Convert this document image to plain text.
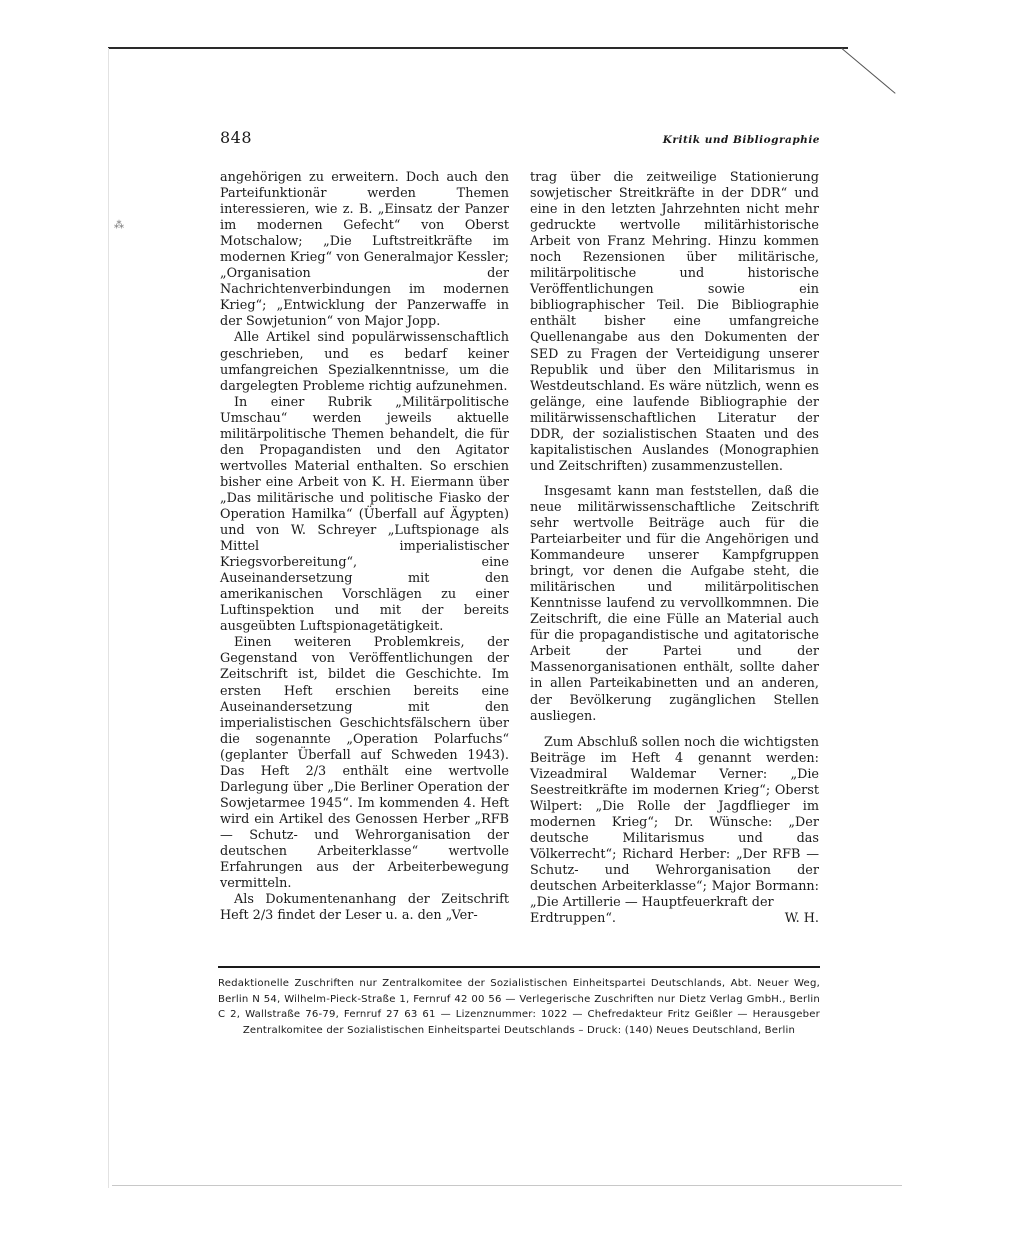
⁂
848	Kritik und Bibliographie

angehörigen zu erweitern. Doch auch den Parteifunktionär werden Themen interessieren, wie z. B. „Einsatz der Panzer im modernen Gefecht“ von Oberst Motschalow; „Die Luftstreitkräfte im modernen Krieg“ von Generalmajor Kessler; „Organisation der Nachrichtenverbindungen im modernen Krieg“; „Entwicklung der Panzerwaffe in der Sowjetunion“ von Major Jopp.

Alle Artikel sind populärwissenschaftlich geschrieben, und es bedarf keiner umfangreichen Spezialkenntnisse, um die dargelegten Probleme richtig aufzunehmen.

In einer Rubrik „Militärpolitische Umschau“ werden jeweils aktuelle militärpolitische Themen behandelt, die für den Propagandisten und den Agitator wertvolles Material enthalten. So erschien bisher eine Arbeit von K. H. Eiermann über „Das militärische und politische Fiasko der Operation Hamilka“ (Überfall auf Ägypten) und von W. Schreyer „Luftspionage als Mittel imperialistischer Kriegsvorbereitung“, eine Auseinandersetzung mit den amerikanischen Vorschlägen zu einer Luftinspektion und mit der bereits ausgeübten Luftspionagetätigkeit.

Einen weiteren Problemkreis, der Gegenstand von Veröffentlichungen der Zeitschrift ist, bildet die Geschichte. Im ersten Heft erschien bereits eine Auseinandersetzung mit den imperialistischen Geschichtsfälschern über die sogenannte „Operation Polarfuchs“ (geplanter Überfall auf Schweden 1943). Das Heft 2/3 enthält eine wertvolle Darlegung über „Die Berliner Operation der Sowjetarmee 1945“. Im kommenden 4. Heft wird ein Artikel des Genossen Herber „RFB — Schutz- und Wehrorganisation der deutschen Arbeiterklasse“ wertvolle Erfahrungen aus der Arbeiterbewegung vermitteln.

Als Dokumentenanhang der Zeitschrift Heft 2/3 findet der Leser u. a. den „Ver-

trag über die zeitweilige Stationierung sowjetischer Streitkräfte in der DDR“ und eine in den letzten Jahrzehnten nicht mehr gedruckte wertvolle militärhistorische Arbeit von Franz Mehring. Hinzu kommen noch Rezensionen über militärische, militärpolitische und historische Veröffentlichungen sowie ein bibliographischer Teil. Die Bibliographie enthält bisher eine umfangreiche Quellenangabe aus den Dokumenten der SED zu Fragen der Verteidigung unserer Republik und über den Militarismus in Westdeutschland. Es wäre nützlich, wenn es gelänge, eine laufende Bibliographie der militärwissenschaftlichen Literatur der DDR, der sozialistischen Staaten und des kapitalistischen Auslandes (Monographien und Zeitschriften) zusammenzustellen.

Insgesamt kann man feststellen, daß die neue militärwissenschaftliche Zeitschrift sehr wertvolle Beiträge auch für die Parteiarbeiter und für die Angehörigen und Kommandeure unserer Kampfgruppen bringt, vor denen die Aufgabe steht, die militärischen und militärpolitischen Kenntnisse laufend zu vervollkommnen. Die Zeitschrift, die eine Fülle an Material auch für die propagandistische und agitatorische Arbeit der Partei und der Massenorganisationen enthält, sollte daher in allen Parteikabinetten und an anderen, der Bevölkerung zugänglichen Stellen ausliegen.

Zum Abschluß sollen noch die wichtigsten Beiträge im Heft 4 genannt werden: Vizeadmiral Waldemar Verner: „Die Seestreitkräfte im modernen Krieg“; Oberst Wilpert: „Die Rolle der Jagdflieger im modernen Krieg“; Dr. Wünsche: „Der deutsche Militarismus und das Völkerrecht“; Richard Herber: „Der RFB — Schutz- und Wehrorganisation der deutschen Arbeiterklasse“; Major Bormann: „Die Artillerie — Hauptfeuerkraft der

Erdtruppen“.	W. H.
Redaktionelle Zuschriften nur Zentralkomitee der Sozialistischen Einheitspartei Deutschlands, Abt. Neuer Weg, Berlin N 54, Wilhelm-Pieck-Straße 1, Fernruf 42 00 56 — Verlegerische Zuschriften nur Dietz Verlag GmbH., Berlin C 2, Wallstraße 76-79, Fernruf 27 63 61 — Lizenznummer: 1022 — Chefredakteur Fritz Geißler — Herausgeber Zentralkomitee der Sozialistischen Einheitspartei Deutschlands – Druck: (140) Neues Deutschland, Berlin
